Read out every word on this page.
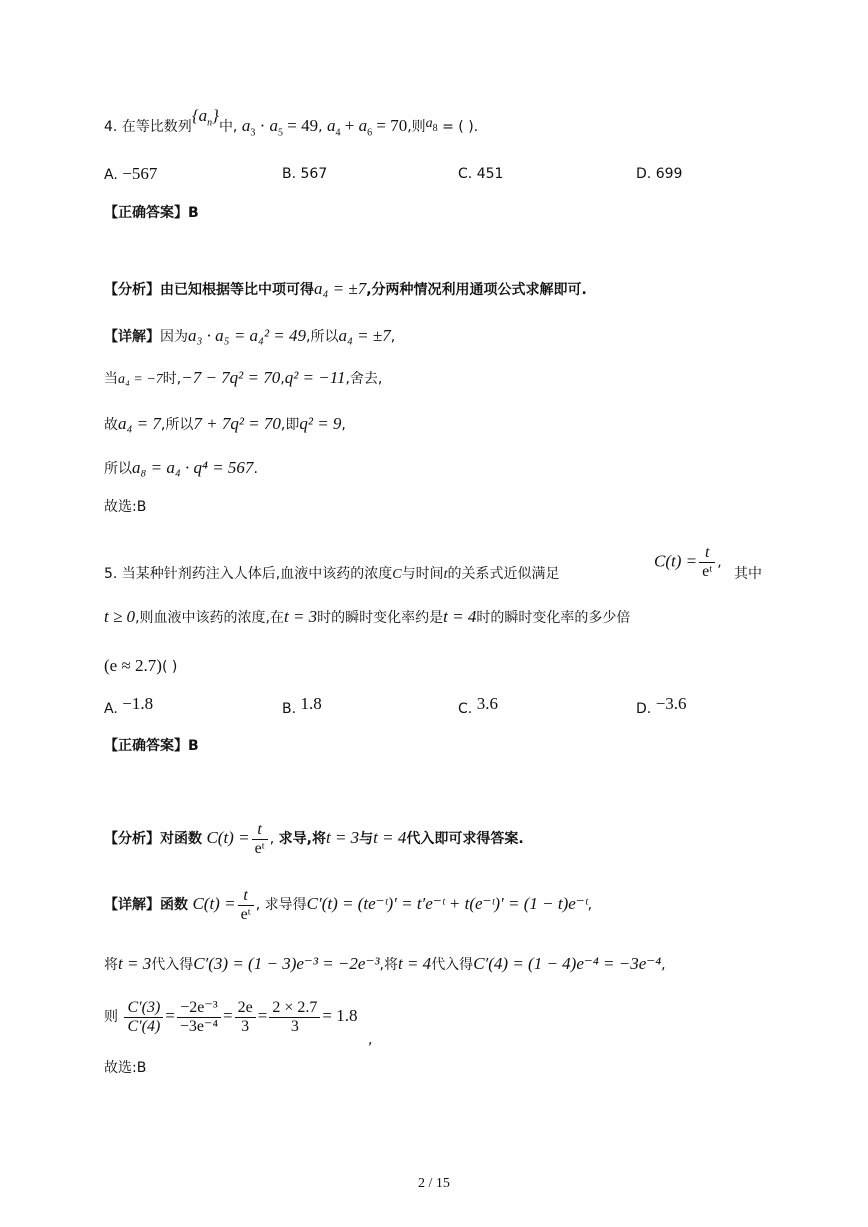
4. 在等比数列$\{a_n\}$中, $a_3 \cdot a_5 = 49$, $a_4 + a_6 = 70$,则$a_8$ = ( ).
A. −567	B. 567	C. 451	D. 699
【正确答案】B
【分析】由已知根据等比中项可得a₄ = ±7,分两种情况利用通项公式求解即可.
【详解】因为a₃ · a₅ = a₄² = 49,所以a₄ = ±7,
当a₄ = −7时,−7 − 7q² = 70,q² = −11,舍去,
故a₄ = 7,所以7 + 7q² = 70,即q² = 9,
所以a₈ = a₄ · q⁴ = 567.
故选:B
5. 当某种针剂药注入人体后,血液中该药的浓度C与时间t的关系式近似满足
$C(t) = \frac{t}{\text{eᵗ}}$ ,
其中
t ≥ 0,则血液中该药的浓度,在t = 3时的瞬时变化率约是t = 4时的瞬时变化率的多少倍
(e ≈ 2.7)( )
A. −1.8	B. 1.8	C. 3.6	D. −3.6
【正确答案】B
【分析】对函数 $C(t) = \frac{t}{\text{eᵗ}}$ , 求导,将t = 3与t = 4代入即可求得答案.
【详解】函数 $C(t) = \frac{t}{\text{eᵗ}}$ , 求导得C′(t) = (te⁻ᵗ)′ = t′e⁻ᵗ + t(e⁻ᵗ)′ = (1 − t)e⁻ᵗ,
将t = 3代入得C′(3) = (1 − 3)e⁻³ = −2e⁻³,将t = 4代入得C′(4) = (1 − 4)e⁻⁴ = −3e⁻⁴,
则 $\frac{C'(3)}{C'(4)} = \frac{\text{−2e⁻³}}{\text{−3e⁻⁴}} = \frac{2e}{3} = \frac{2 \times 2.7}{3} = 1.8$
,
故选:B
2 / 15
